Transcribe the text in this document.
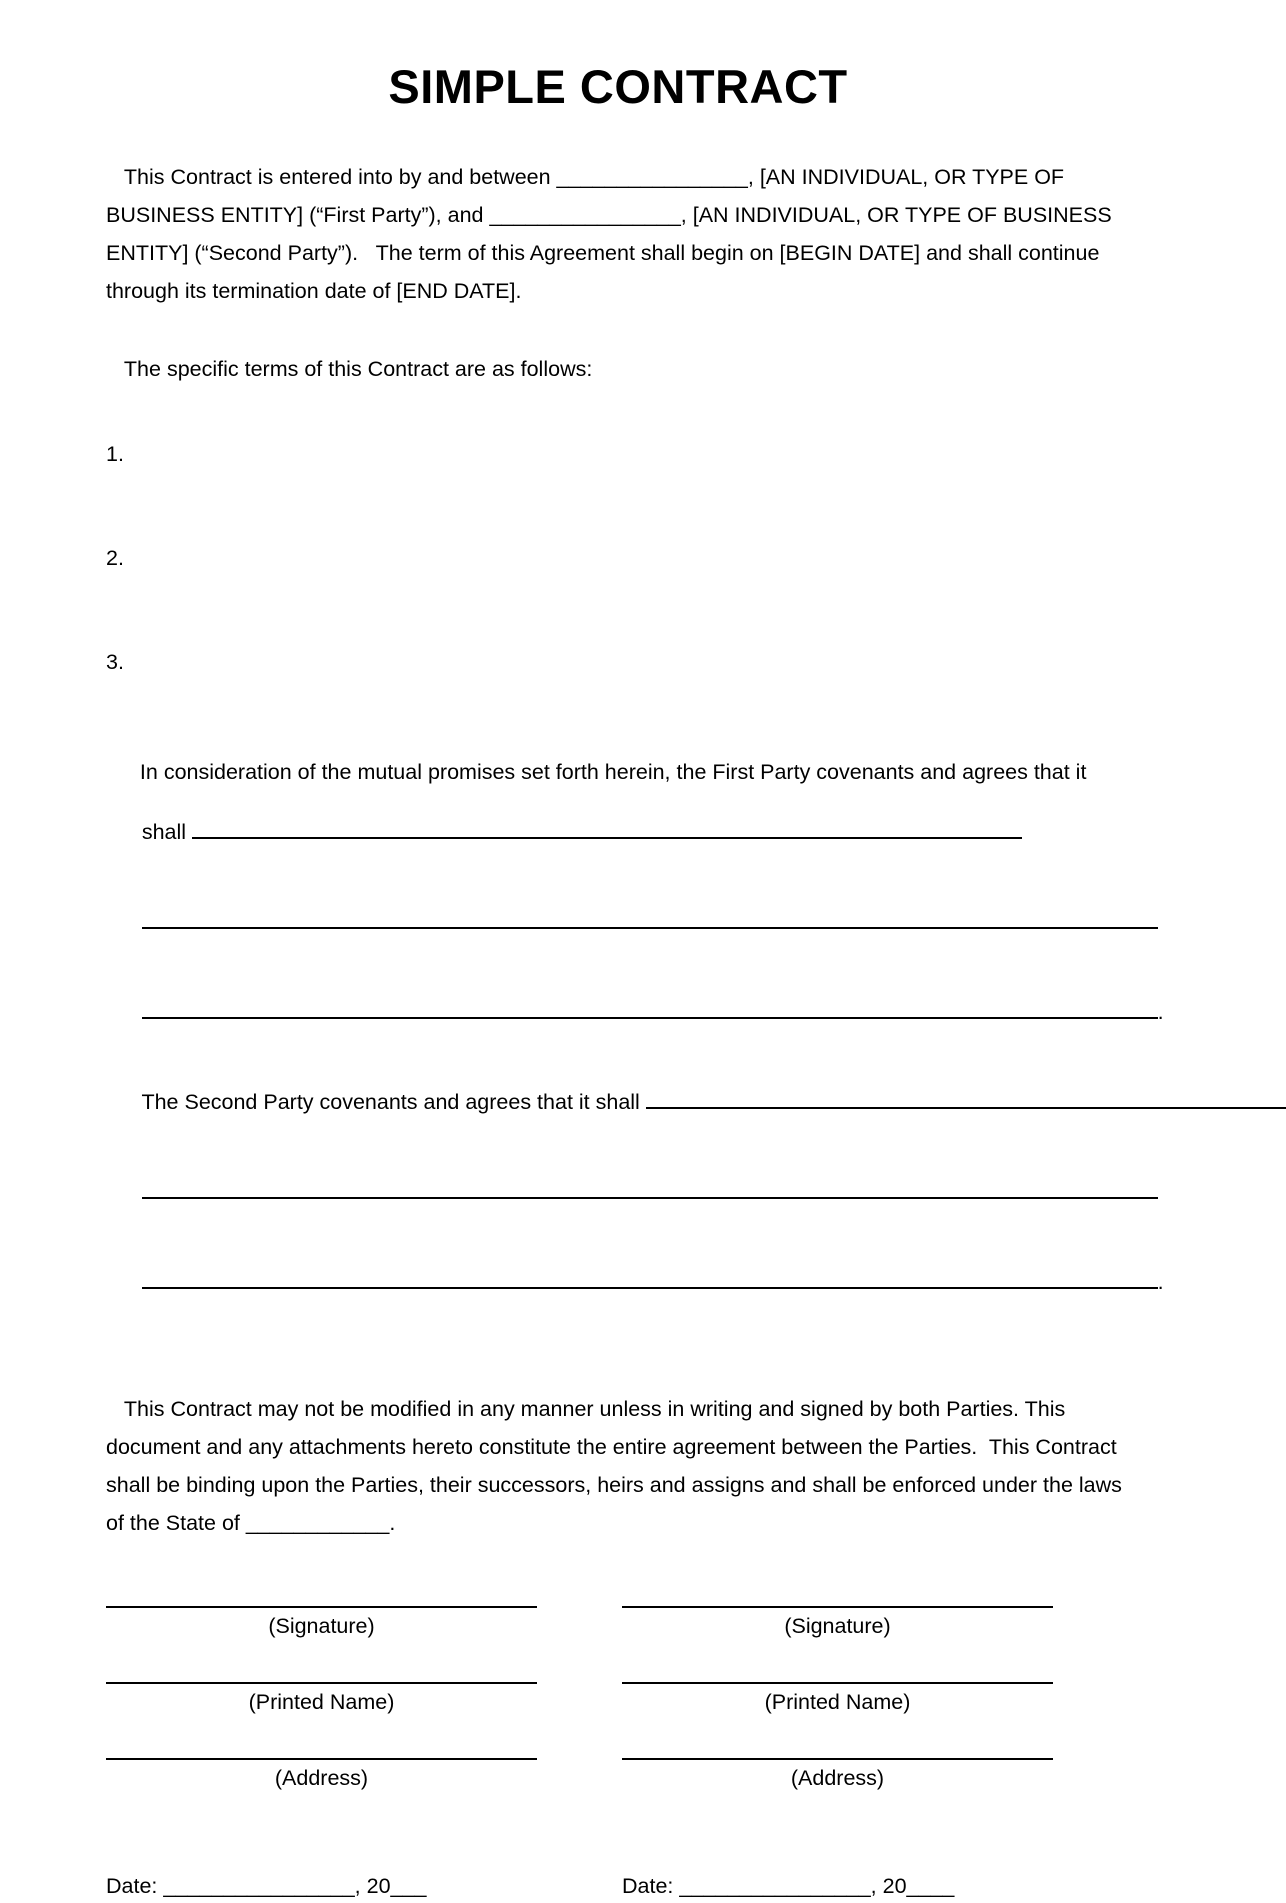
SIMPLE CONTRACT

This Contract is entered into by and between ________________, [AN INDIVIDUAL, OR TYPE OF BUSINESS ENTITY] (“First Party”), and ________________, [AN INDIVIDUAL, OR TYPE OF BUSINESS ENTITY] (“Second Party”).   The term of this Agreement shall begin on [BEGIN DATE] and shall continue through its termination date of [END DATE].

The specific terms of this Contract are as follows:

1.
2.
3.
In consideration of the mutual promises set forth herein, the First Party covenants and agrees that it

shall

.

The Second Party covenants and agrees that it shall

.

This Contract may not be modified in any manner unless in writing and signed by both Parties. This document and any attachments hereto constitute the entire agreement between the Parties.  This Contract shall be binding upon the Parties, their successors, heirs and assigns and shall be enforced under the laws of the State of ____________.

(Signature)
(Printed Name)
(Address)
(Signature)
(Printed Name)
(Address)
Date: ________________, 20___	Date: ________________, 20____
